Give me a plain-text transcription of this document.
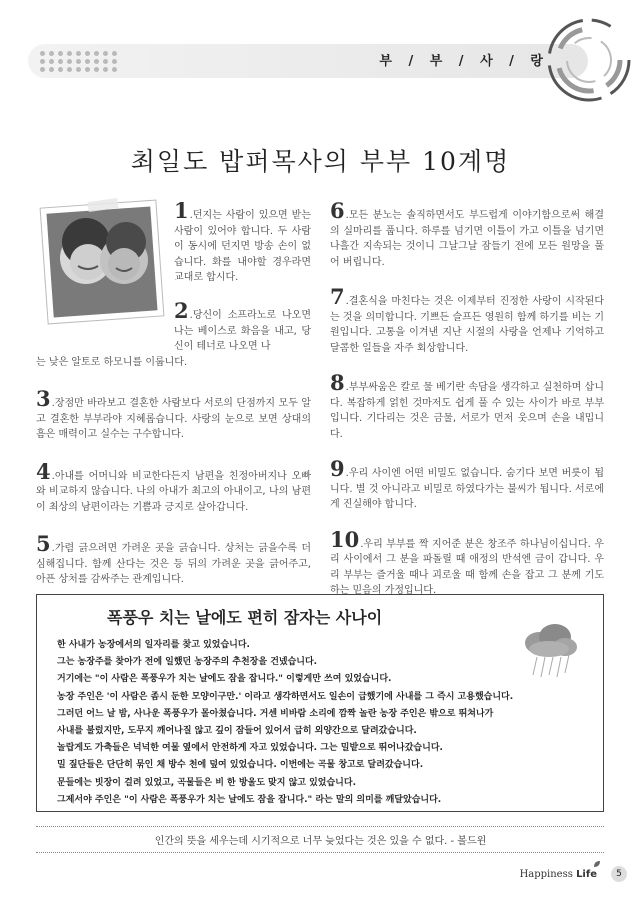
부 / 부 / 사 / 랑
최일도 밥퍼목사의 부부 10계명
1.던지는 사람이 있으면 받는 사람이 있어야 합니다. 두 사람이 동시에 던지면 방송 손이 없습니다. 화를 내야할 경우라면 교대로 합시다.
2.당신이 소프라노로 나오면 나는 베이스로 화음을 내고, 당신이 테너로 나오면 나
는 낮은 알토로 하모니를 이룹니다.
3.장점만 바라보고 결혼한 사람보다 서로의 단점까지 모두 알고 결혼한 부부라야 지혜롭습니다. 사랑의 눈으로 보면 상대의 흠은 매력이고 실수는 구수합니다.
4.아내를 어머니와 비교한다든지 남편을 친정아버지나 오빠와 비교하지 않습니다. 나의 아내가 최고의 아내이고, 나의 남편이 최상의 남편이라는 기쁨과 긍지로 살아갑니다.
5.가렴 긁으려면 가려운 곳을 긁습니다. 상처는 긁을수록 더 심해집니다. 함께 산다는 것은 등 뒤의 가려운 곳을 긁어주고, 아픈 상처를 감싸주는 관계입니다.
6.모든 분노는 솔직하면서도 부드럽게 이야기함으로써 해결의 실마리를 풉니다. 하루를 넘기면 이틀이 가고 이틀을 넘기면 나흘간 지속되는 것이니 그날그날 잠들기 전에 모든 원망을 풀어 버립니다.
7.결혼식을 마친다는 것은 이제부터 진정한 사랑이 시작된다는 것을 의미합니다. 기쁘든 슬프든 영원히 함께 하기를 비는 기원입니다. 고통을 이겨낸 지난 시절의 사랑을 언제나 기억하고 달콤한 일들을 자주 회상합니다.
8.부부싸움은 칼로 물 베기란 속담을 생각하고 실천하며 삽니다. 복잡하게 얽힌 것마저도 쉽게 풀 수 있는 사이가 바로 부부입니다. 기다리는 것은 금물, 서로가 먼저 웃으며 손을 내밉니다.
9.우리 사이엔 어떤 비밀도 없습니다. 숨기다 보면 버릇이 됩니다. 별 것 아니라고 비밀로 하였다가는 불씨가 됩니다. 서로에게 진실해야 합니다.
10.우리 부부를 짝 지어준 분은 창조주 하나님이십니다. 우리 사이에서 그 분을 파돌릴 때 애정의 반석엔 금이 갑니다. 우리 부부는 즐거울 때나 괴로울 때 함께 손을 잡고 그 분께 기도하는 믿음의 가정입니다.
폭풍우 치는 날에도 편히 잠자는 사나이

한 사내가 농장에서의 일자리를 찾고 있었습니다.

그는 농장주를 찾아가 전에 일했던 농장주의 추천장을 건넸습니다.

거기에는 "이 사람은 폭풍우가 치는 날에도 잠을 잡니다." 이렇게만 쓰여 있었습니다.

농장 주인은 '이 사람은 좀시 둔한 모양이구만.' 이라고 생각하면서도 일손이 급했기에 사내를 그 즉시 고용했습니다.

그러던 어느 날 밤, 사나운 폭풍우가 몰아쳤습니다. 거센 비바람 소리에 깜짝 놀란 농장 주인은 밖으로 뛰쳐나가

사내를 불렀지만, 도무지 깨어나질 않고 깊이 잠들어 있어서 급히 외양간으로 달려갔습니다.

놀랍게도 가축들은 넉넉한 여물 옆에서 안전하게 자고 있었습니다. 그는 밀밭으로 뛰어나갔습니다.

밀 짚단들은 단단히 묶인 채 방수 천에 덮여 있었습니다. 이번에는 곡물 창고로 달려갔습니다.

문들에는 빗장이 걸려 있었고, 곡물들은 비 한 방울도 맞지 않고 있었습니다.

그제서야 주인은 "이 사람은 폭풍우가 치는 날에도 잠을 잡니다." 라는 말의 의미를 깨달았습니다.

인간의 뜻을 세우는데 시기적으로 너무 늦었다는 것은 있을 수 없다. - 볼드윈
Happiness Life	5
